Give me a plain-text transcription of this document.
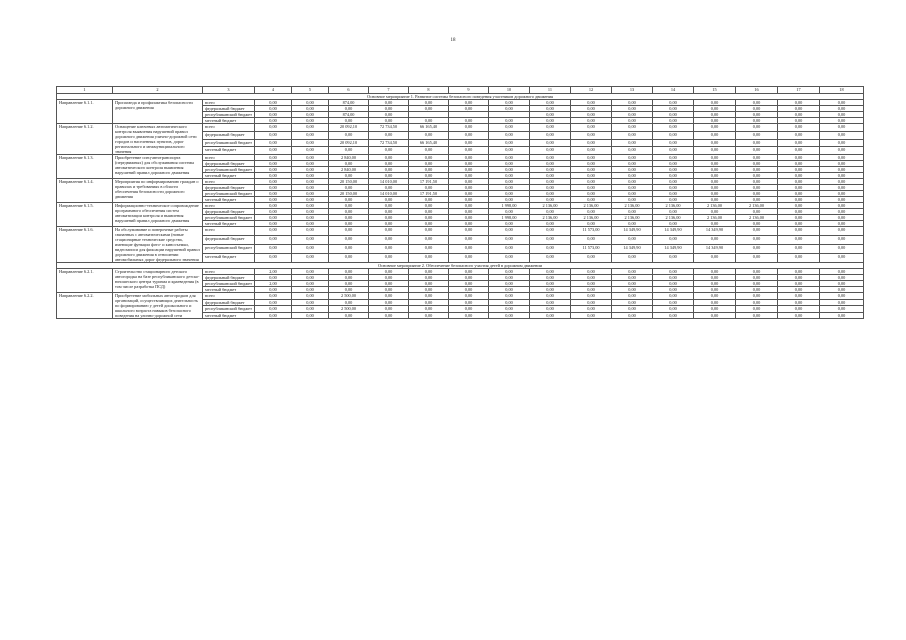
18
1	2	3	4	5	6	7	8	9	10	11	12	13	14	15	16	17	18
Основное мероприятие 1. Развитие системы безопасного поведения участников дорожного движения																	
Направление 6.1.1.	Пропаганда и профилактика безопасности дорожного движения	всего	0,00	0,00	874,00	0,00	0,00	0,00	0,00	0,00	0,00	0,00	0,00	0,00	0,00	0,00	0,00
		федеральный бюджет	0,00	0,00	0,00	0,00	0,00	0,00	0,00	0,00	0,00	0,00	0,00	0,00	0,00	0,00	0,00
		республиканский бюджет	0,00	0,00	874,00	0,00				0,00	0,00	0,00	0,00	0,00	0,00	0,00	0,00
		местный бюджет	0,00	0,00	0,00	0,00	0,00	0,00	0,00	0,00	0,00	0,00	0,00	0,00	0,00	0,00	0,00
Направление 6.1.2.	Оснащение ключевых автоматического контроля выявления нарушений правил дорожного движения улично-дорожной сети городов и населенных пунктов, дорог регионального и межмуниципального значения	всего	0,00	0,00	20 092,10	72 734,50	66 165,40	0,00	0,00	0,00	0,00	0,00	0,00	0,00	0,00	0,00	0,00
		федеральный бюджет	0,00	0,00	0,00	0,00	0,00	0,00	0,00	0,00	0,00	0,00	0,00	0,00	0,00	0,00	0,00
		республиканский бюджет	0,00	0,00	20 092,10	72 734,50	66 165,40	0,00	0,00	0,00	0,00	0,00	0,00	0,00	0,00	0,00	0,00
		местный бюджет	0,00	0,00	0,00	0,00	0,00	0,00	0,00	0,00	0,00	0,00	0,00	0,00	0,00	0,00	0,00
Направление 6.1.3.	Приобретение спец-автотранспорта (передвижных) для обслуживания системы автоматического контроля выявления нарушений правил дорожного движения	всего	0,00	0,00	2 840,00	0,00	0,00	0,00	0,00	0,00	0,00	0,00	0,00	0,00	0,00	0,00	0,00
		федеральный бюджет	0,00	0,00	0,00	0,00	0,00	0,00	0,00	0,00	0,00	0,00	0,00	0,00	0,00	0,00	0,00
		республиканский бюджет	0,00	0,00	2 840,00	0,00	0,00	0,00	0,00	0,00	0,00	0,00	0,00	0,00	0,00	0,00	0,00
		местный бюджет	0,00	0,00	0,00	0,00	0,00	0,00	0,00	0,00	0,00	0,00	0,00	0,00	0,00	0,00	0,00
Направление 6.1.4.	Мероприятия по информированию граждан о правилах и требованиях в области обеспечения безопасности дорожного движения	всего	0,00	0,00	20 150,00	14 010,00	17 191,50	0,00	0,00	0,00	0,00	0,00	0,00	0,00	0,00	0,00	0,00
		федеральный бюджет	0,00	0,00	0,00	0,00	0,00	0,00	0,00	0,00	0,00	0,00	0,00	0,00	0,00	0,00	0,00
		республиканский бюджет	0,00	0,00	20 150,00	14 010,00	17 191,50	0,00	0,00	0,00	0,00	0,00	0,00	0,00	0,00	0,00	0,00
		местный бюджет	0,00	0,00	0,00	0,00	0,00	0,00	0,00	0,00	0,00	0,00	0,00	0,00	0,00	0,00	0,00
Направление 6.1.5.	Информационно-техническое сопровождение программного обеспечения систем автоматизации контроля и выявления нарушений правил дорожного движения	всего	0,00	0,00	0,00	0,00	0,00	0,00	1 998,00	2 136,00	2 136,00	2 136,00	2 136,00	2 136,00	2 136,00	0,00	0,00
		федеральный бюджет	0,00	0,00	0,00	0,00	0,00	0,00	0,00	0,00	0,00	0,00	0,00	0,00	0,00	0,00	0,00
		республиканский бюджет	0,00	0,00	0,00	0,00	0,00	0,00	1 998,00	2 136,00	2 136,00	2 136,00	2 136,00	2 136,00	2 136,00	0,00	0,00
		местный бюджет	0,00	0,00	0,00	0,00	0,00	0,00	0,00	0,00	0,00	0,00	0,00	0,00	0,00	0,00	0,00
Направление 6.1.6.	На обслуживание и поверочные работы связанных с автоматическими (новые стационарные технические средства, имеющие функции фото- и киносъемки, видеозаписи для фиксации нарушений правил дорожного движения в отношении автомобильных дорог федерального значения	всего	0,00	0,00	0,00	0,00	0,00	0,00	0,00	0,00	11 573,00	14 349,90	14 349,90	14 349,90	0,00	0,00	0,00
		федеральный бюджет	0,00	0,00	0,00	0,00	0,00	0,00	0,00	0,00	0,00	0,00	0,00	0,00	0,00	0,00	0,00
		республиканский бюджет	0,00	0,00	0,00	0,00	0,00	0,00	0,00	0,00	11 573,00	14 349,90	14 349,90	14 349,90	0,00	0,00	0,00
		местный бюджет	0,00	0,00	0,00	0,00	0,00	0,00	0,00	0,00	0,00	0,00	0,00	0,00	0,00	0,00	0,00
Основное мероприятие 2. Обеспечение безопасного участия детей в дорожном движении																	
Направление 6.2.1.	Строительство стационарного детского автогородка на базе республиканского детско-юношеского центра туризма и краеведения (в том числе разработка ПСД)	всего	2,00	0,00	0,00	0,00	0,00	0,00	0,00	0,00	0,00	0,00	0,00	0,00	0,00	0,00	0,00
		федеральный бюджет	0,00	0,00	0,00	0,00	0,00	0,00	0,00	0,00	0,00	0,00	0,00	0,00	0,00	0,00	0,00
		республиканский бюджет	2,00	0,00	0,00	0,00	0,00	0,00	0,00	0,00	0,00	0,00	0,00	0,00	0,00	0,00	0,00
		местный бюджет	0,00	0,00	0,00	0,00	0,00	0,00	0,00	0,00	0,00	0,00	0,00	0,00	0,00	0,00	0,00
Направление 6.2.2.	Приобретение мобильных автогородков для организаций, осуществляющих деятельность по формированию у детей дошкольного и школьного возраста навыков безопасного поведения на улично-дорожной сети	всего	0,00	0,00	2 500,00	0,00	0,00	0,00	0,00	0,00	0,00	0,00	0,00	0,00	0,00	0,00	0,00
		федеральный бюджет	0,00	0,00	0,00	0,00	0,00	0,00	0,00	0,00	0,00	0,00	0,00	0,00	0,00	0,00	0,00
		республиканский бюджет	0,00	0,00	2 500,00	0,00	0,00	0,00	0,00	0,00	0,00	0,00	0,00	0,00	0,00	0,00	0,00
		местный бюджет	0,00	0,00	0,00	0,00	0,00	0,00	0,00	0,00	0,00	0,00	0,00	0,00	0,00	0,00	0,00
